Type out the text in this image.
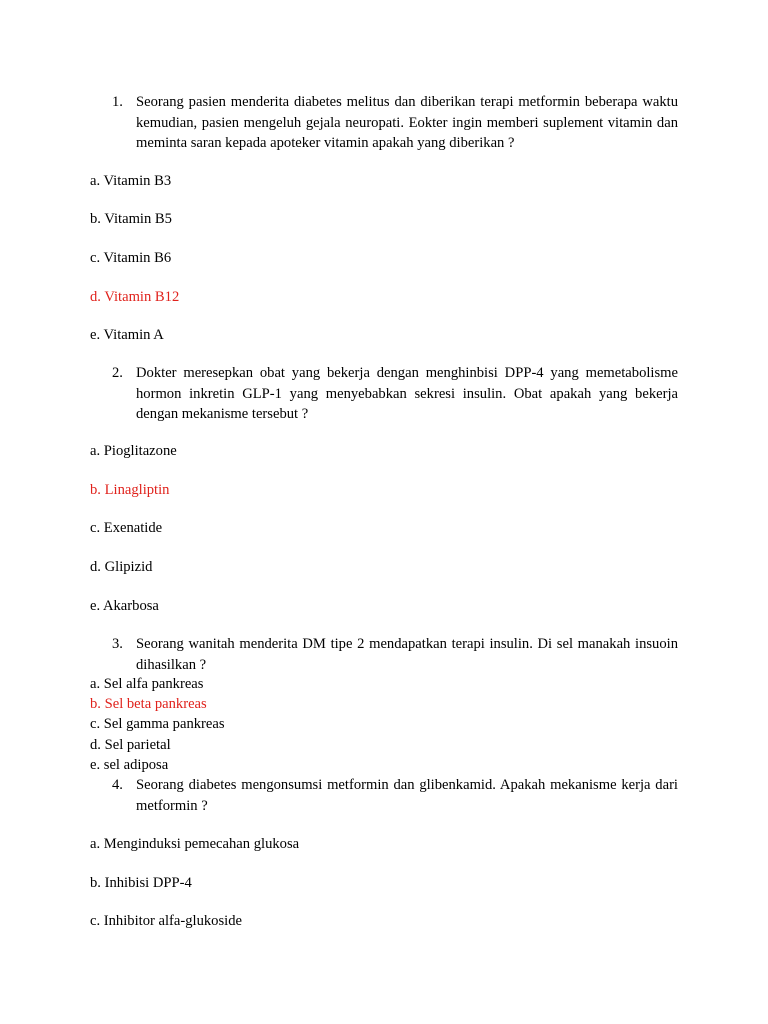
1. Seorang pasien menderita diabetes melitus dan diberikan terapi metformin beberapa waktu kemudian, pasien mengeluh gejala neuropati. Eokter ingin memberi suplement vitamin dan meminta saran kepada apoteker vitamin apakah yang diberikan ?
a. Vitamin B3
b. Vitamin B5
c. Vitamin B6
d. Vitamin B12
e. Vitamin A
2. Dokter meresepkan obat yang bekerja dengan menghinbisi DPP-4 yang memetabolisme hormon inkretin GLP-1 yang menyebabkan sekresi insulin. Obat apakah yang bekerja dengan mekanisme tersebut ?
a. Pioglitazone
b. Linagliptin
c. Exenatide
d. Glipizid
e. Akarbosa
3. Seorang wanitah menderita DM tipe 2 mendapatkan terapi insulin. Di sel manakah insuoin dihasilkan ?
a. Sel alfa pankreas
b. Sel beta pankreas
c. Sel gamma pankreas
d. Sel parietal
e. sel adiposa
4. Seorang diabetes mengonsumsi metformin dan glibenkamid. Apakah mekanisme kerja dari metformin ?
a. Menginduksi pemecahan glukosa
b. Inhibisi DPP-4
c. Inhibitor alfa-glukoside
